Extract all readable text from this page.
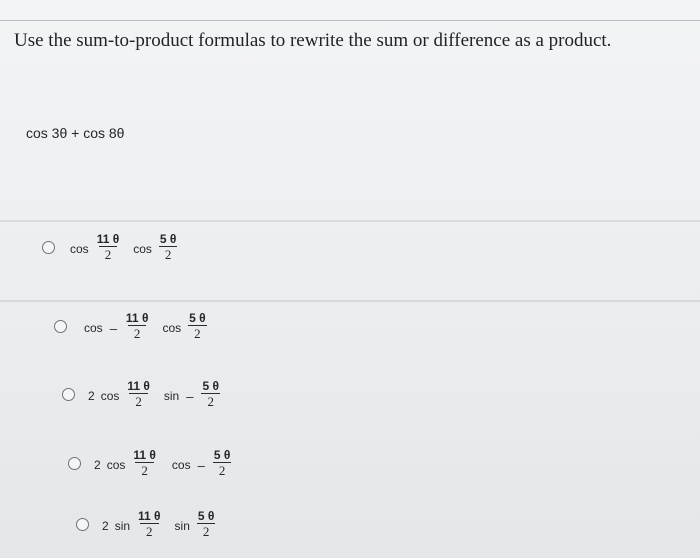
Use the sum-to-product formulas to rewrite the sum or difference as a product.
cos 3θ + cos 8θ
$\cos \frac{11 \theta}{2}$ $\cos \frac{5 \theta}{2}$
cos – $\frac{11 \theta}{2}$ $\cos \frac{5 \theta}{2}$
2 $\cos \frac{11 \theta}{2}$ sin – $\frac{5 \theta}{2}$
2 $\cos \frac{11 \theta}{2}$ cos – $\frac{5 \theta}{2}$
2 $\sin \frac{11 \theta}{2}$ $\sin \frac{5 \theta}{2}$
